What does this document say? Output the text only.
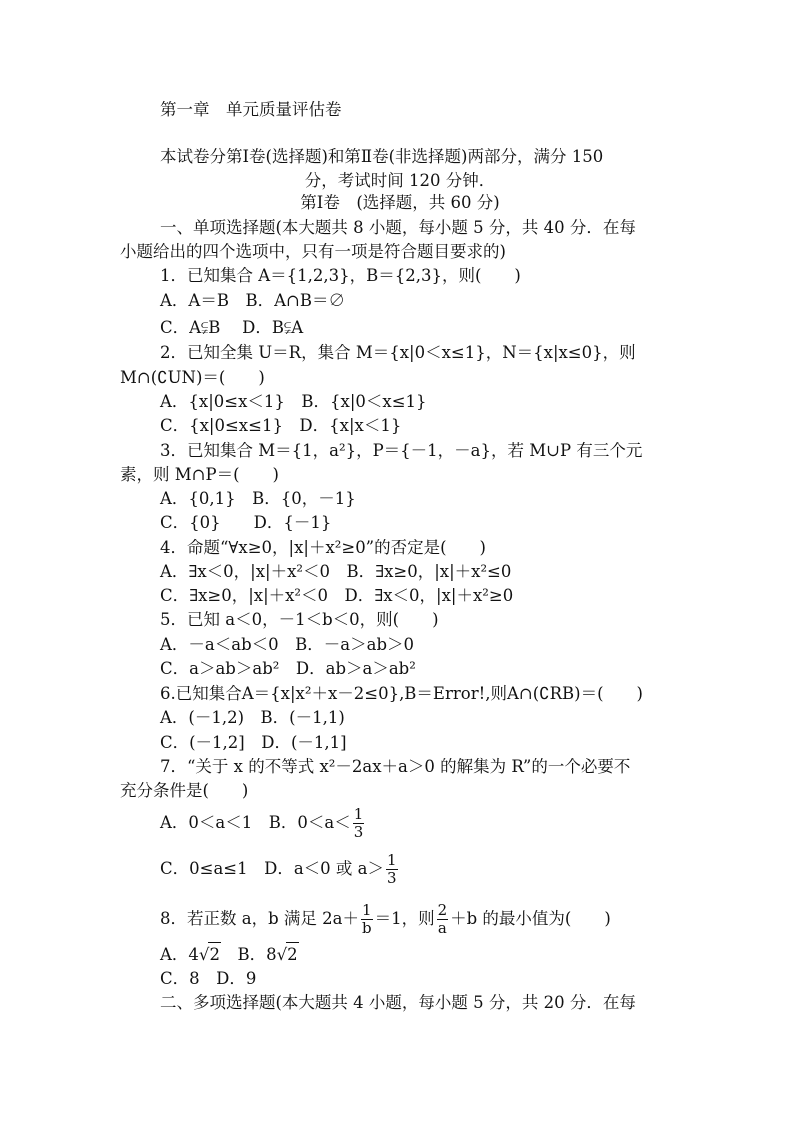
第一章　单元质量评估卷
本试卷分第Ⅰ卷(选择题)和第Ⅱ卷(非选择题)两部分，满分 150
分，考试时间 120 分钟．
第Ⅰ卷　(选择题，共 60 分)
一、单项选择题(本大题共 8 小题，每小题 5 分，共 40 分．在每
小题给出的四个选项中，只有一项是符合题目要求的)
1．已知集合 A＝{1,2,3}，B＝{2,3}，则(　　)
A．A＝B　B．A∩B＝∅
C．A⫋B　 D．B⫋A
2．已知全集 U＝R，集合 M＝{x|0＜x≤1}，N＝{x|x≤0}，则
M∩(∁UN)＝(　　)
A．{x|0≤x＜1}　B．{x|0＜x≤1}
C．{x|0≤x≤1}　D．{x|x＜1}
3．已知集合 M＝{1，a²}，P＝{－1，－a}，若 M∪P 有三个元
素，则 M∩P＝(　　)
A．{0,1}　B．{0，－1}
C．{0}　　D．{－1}
4．命题“∀x≥0，|x|＋x²≥0”的否定是(　　)
A．∃x＜0，|x|＋x²＜0　B．∃x≥0，|x|＋x²≤0
C．∃x≥0，|x|＋x²＜0　D．∃x＜0，|x|＋x²≥0
5．已知 a＜0，－1＜b＜0，则(　　)
A．－a＜ab＜0　B．－a＞ab＞0
C．a＞ab＞ab²　D．ab＞a＞ab²
6.已知集合A＝{x|x²＋x－2≤0},B＝Error!,则A∩(∁RB)＝(　　)
A．(－1,2)　B．(－1,1)
C．(－1,2]　D．(－1,1]
7．“关于 x 的不等式 x²－2ax＋a＞0 的解集为 R”的一个必要不
充分条件是(　　)
A．0＜a＜1　B．$0<a< \frac{1}{3}$
C．0≤a≤1　D．a＜0 或 $a> \frac{1}{3}$
8．若正数 a，b 满足 $2a+ \frac{1}{b} =1$，则 $\frac{2}{a} +b$ 的最小值为(　　)
A．4√2　B．8√2
C．8　D．9
二、多项选择题(本大题共 4 小题，每小题 5 分，共 20 分．在每
